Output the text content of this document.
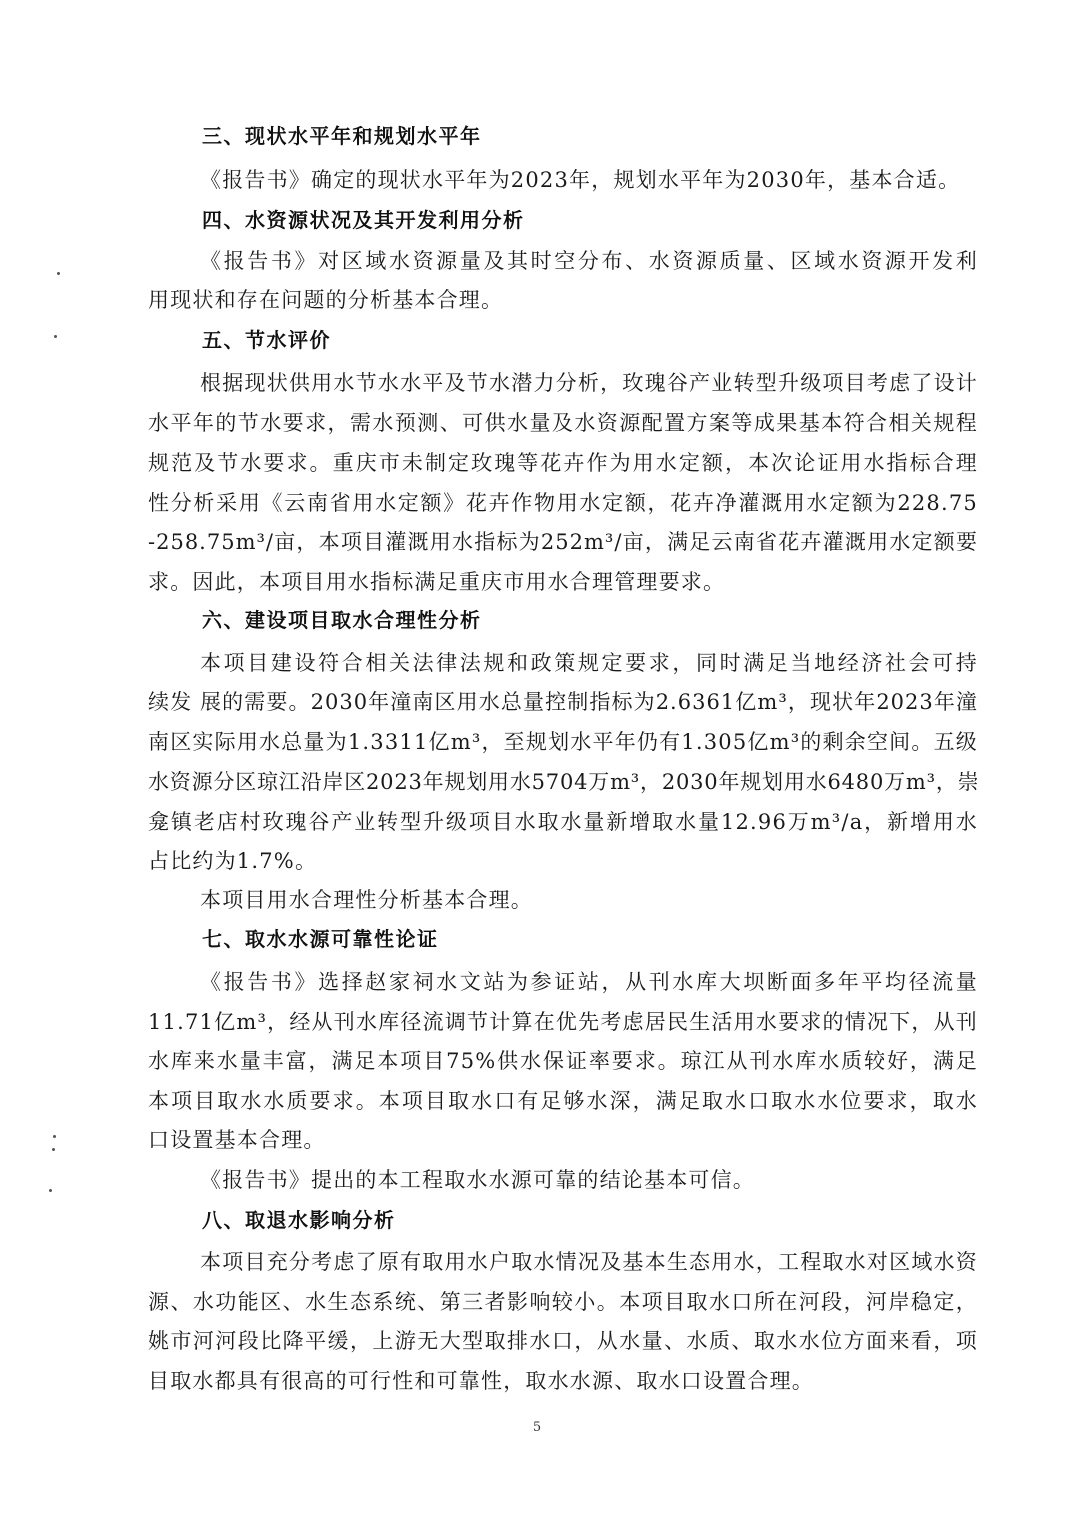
三、现状水平年和规划水平年
《报告书》确定的现状水平年为2023年，规划水平年为2030年，基本合适。
四、水资源状况及其开发利用分析
《报告书》对区域水资源量及其时空分布、水资源质量、区域水资源开发利
用现状和存在问题的分析基本合理。
五、节水评价
根据现状供用水节水水平及节水潜力分析，玫瑰谷产业转型升级项目考虑了设计
水平年的节水要求，需水预测、可供水量及水资源配置方案等成果基本符合相关规程
规范及节水要求。重庆市未制定玫瑰等花卉作为用水定额，本次论证用水指标合理
性分析采用《云南省用水定额》花卉作物用水定额，花卉净灌溉用水定额为228.75
-258.75m³/亩，本项目灌溉用水指标为252m³/亩，满足云南省花卉灌溉用水定额要
求。因此，本项目用水指标满足重庆市用水合理管理要求。
六、建设项目取水合理性分析
本项目建设符合相关法律法规和政策规定要求，同时满足当地经济社会可持
续发 展的需要。2030年潼南区用水总量控制指标为2.6361亿m³，现状年2023年潼
南区实际用水总量为1.3311亿m³，至规划水平年仍有1.305亿m³的剩余空间。五级
水资源分区琼江沿岸区2023年规划用水5704万m³，2030年规划用水6480万m³，崇
龛镇老店村玫瑰谷产业转型升级项目水取水量新增取水量12.96万m³/a，新增用水
占比约为1.7%。
本项目用水合理性分析基本合理。
七、取水水源可靠性论证
《报告书》选择赵家祠水文站为参证站，从刊水库大坝断面多年平均径流量
11.71亿m³，经从刊水库径流调节计算在优先考虑居民生活用水要求的情况下，从刊
水库来水量丰富，满足本项目75%供水保证率要求。琼江从刊水库水质较好，满足
本项目取水水质要求。本项目取水口有足够水深，满足取水口取水水位要求，取水
口设置基本合理。
《报告书》提出的本工程取水水源可靠的结论基本可信。
八、取退水影响分析
本项目充分考虑了原有取用水户取水情况及基本生态用水，工程取水对区域水资
源、水功能区、水生态系统、第三者影响较小。本项目取水口所在河段，河岸稳定，
姚市河河段比降平缓，上游无大型取排水口，从水量、水质、取水水位方面来看，项
目取水都具有很高的可行性和可靠性，取水水源、取水口设置合理。
5
